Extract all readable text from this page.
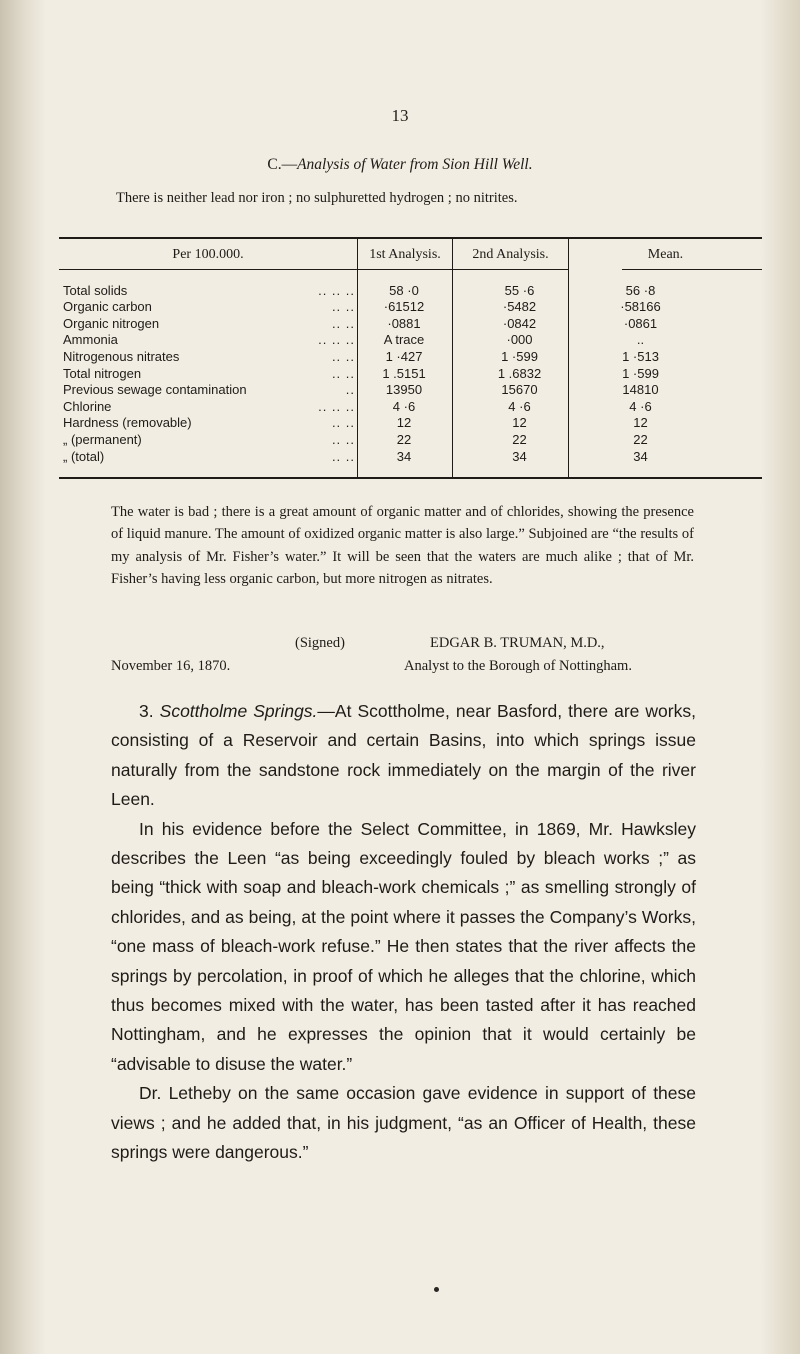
13
C.—Analysis of Water from Sion Hill Well.
There is neither lead nor iron ; no sulphuretted hydrogen ; no nitrites.
Per 100.000.	1st Analysis.	2nd Analysis.	Mean.
Total solids	.. .. ..	58 ·0	55 ·6	56 ·8
Organic carbon	.. ..	·61512	·5482	·58166
Organic nitrogen	.. ..	·0881	·0842	·0861
Ammonia	.. .. ..	A trace	·000	..
Nitrogenous nitrates	.. ..	1 ·427	1 ·599	1 ·513
Total nitrogen	.. ..	1 .5151	1 .6832	1 ·599
Previous sewage contamination	..	13950	15670	14810
Chlorine	.. .. ..	4 ·6	4 ·6	4 ·6
Hardness (removable)	.. ..	12	12	12
„ (permanent)	.. ..	22	22	22
„ (total)	.. ..	34	34	34
The water is bad ; there is a great amount of organic matter and of chlorides, showing the presence of liquid manure. The amount of oxidized organic matter is also large.” Subjoined are “the results of my analysis of Mr. Fisher’s water.” It will be seen that the waters are much alike ; that of Mr. Fisher’s having less organic carbon, but more nitrogen as nitrates.
(Signed)	EDGAR B. TRUMAN, M.D.,
November 16, 1870.	Analyst to the Borough of Nottingham.

3. Scottholme Springs.—At Scottholme, near Basford, there are works, consisting of a Reservoir and certain Basins, into which springs issue naturally from the sandstone rock immediately on the margin of the river Leen.

In his evidence before the Select Committee, in 1869, Mr. Hawksley describes the Leen “as being exceedingly fouled by bleach works ;” as being “thick with soap and bleach-work chemicals ;” as smelling strongly of chlorides, and as being, at the point where it passes the Company’s Works, “one mass of bleach-work refuse.” He then states that the river affects the springs by percolation, in proof of which he alleges that the chlorine, which thus becomes mixed with the water, has been tasted after it has reached Nottingham, and he expresses the opinion that it would certainly be “advisable to disuse the water.”

Dr. Letheby on the same occasion gave evidence in support of these views ; and he added that, in his judgment, “as an Officer of Health, these springs were dangerous.”
